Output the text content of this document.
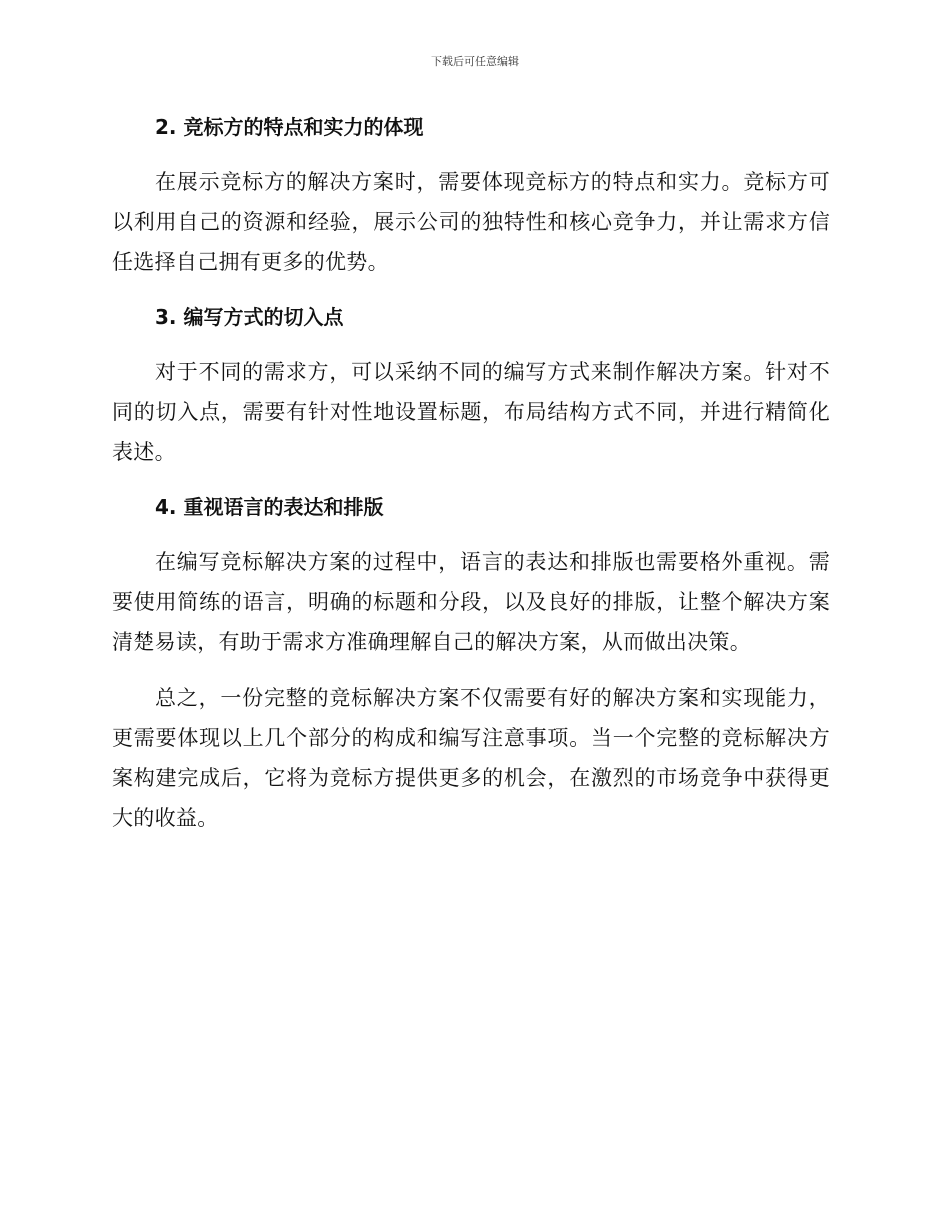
下载后可任意编辑
2. 竞标方的特点和实力的体现

在展示竞标方的解决方案时，需要体现竞标方的特点和实力。竞标方可以利用自己的资源和经验，展示公司的独特性和核心竞争力，并让需求方信任选择自己拥有更多的优势。

3. 编写方式的切入点

对于不同的需求方，可以采纳不同的编写方式来制作解决方案。针对不同的切入点，需要有针对性地设置标题，布局结构方式不同，并进行精简化表述。

4. 重视语言的表达和排版

在编写竞标解决方案的过程中，语言的表达和排版也需要格外重视。需要使用简练的语言，明确的标题和分段，以及良好的排版，让整个解决方案清楚易读，有助于需求方准确理解自己的解决方案，从而做出决策。

总之，一份完整的竞标解决方案不仅需要有好的解决方案和实现能力，更需要体现以上几个部分的构成和编写注意事项。当一个完整的竞标解决方案构建完成后，它将为竞标方提供更多的机会，在激烈的市场竞争中获得更大的收益。
